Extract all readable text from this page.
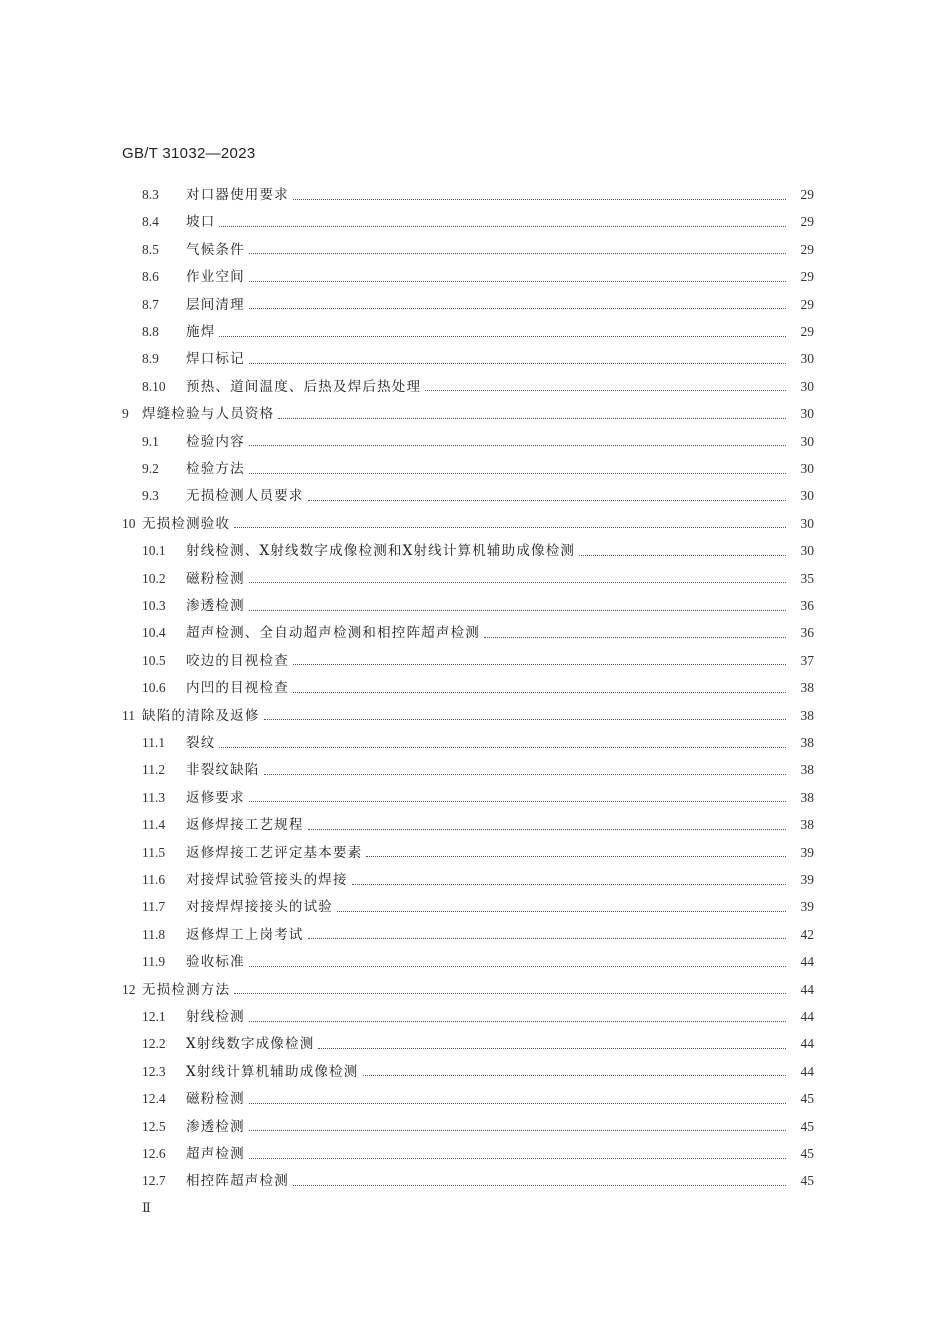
GB/T 31032—2023
8.3	对口器使用要求	29
8.4	坡口	29
8.5	气候条件	29
8.6	作业空间	29
8.7	层间清理	29
8.8	施焊	29
8.9	焊口标记	30
8.10	预热、道间温度、后热及焊后热处理	30
9 焊缝检验与人员资格	30
9.1	检验内容	30
9.2	检验方法	30
9.3	无损检测人员要求	30
10 无损检测验收	30
10.1	射线检测、X射线数字成像检测和X射线计算机辅助成像检测	30
10.2	磁粉检测	35
10.3	渗透检测	36
10.4	超声检测、全自动超声检测和相控阵超声检测	36
10.5	咬边的目视检查	37
10.6	内凹的目视检查	38
11 缺陷的清除及返修	38
11.1	裂纹	38
11.2	非裂纹缺陷	38
11.3	返修要求	38
11.4	返修焊接工艺规程	38
11.5	返修焊接工艺评定基本要素	39
11.6	对接焊试验管接头的焊接	39
11.7	对接焊焊接接头的试验	39
11.8	返修焊工上岗考试	42
11.9	验收标准	44
12 无损检测方法	44
12.1	射线检测	44
12.2	X射线数字成像检测	44
12.3	X射线计算机辅助成像检测	44
12.4	磁粉检测	45
12.5	渗透检测	45
12.6	超声检测	45
12.7	相控阵超声检测	45
Ⅱ
